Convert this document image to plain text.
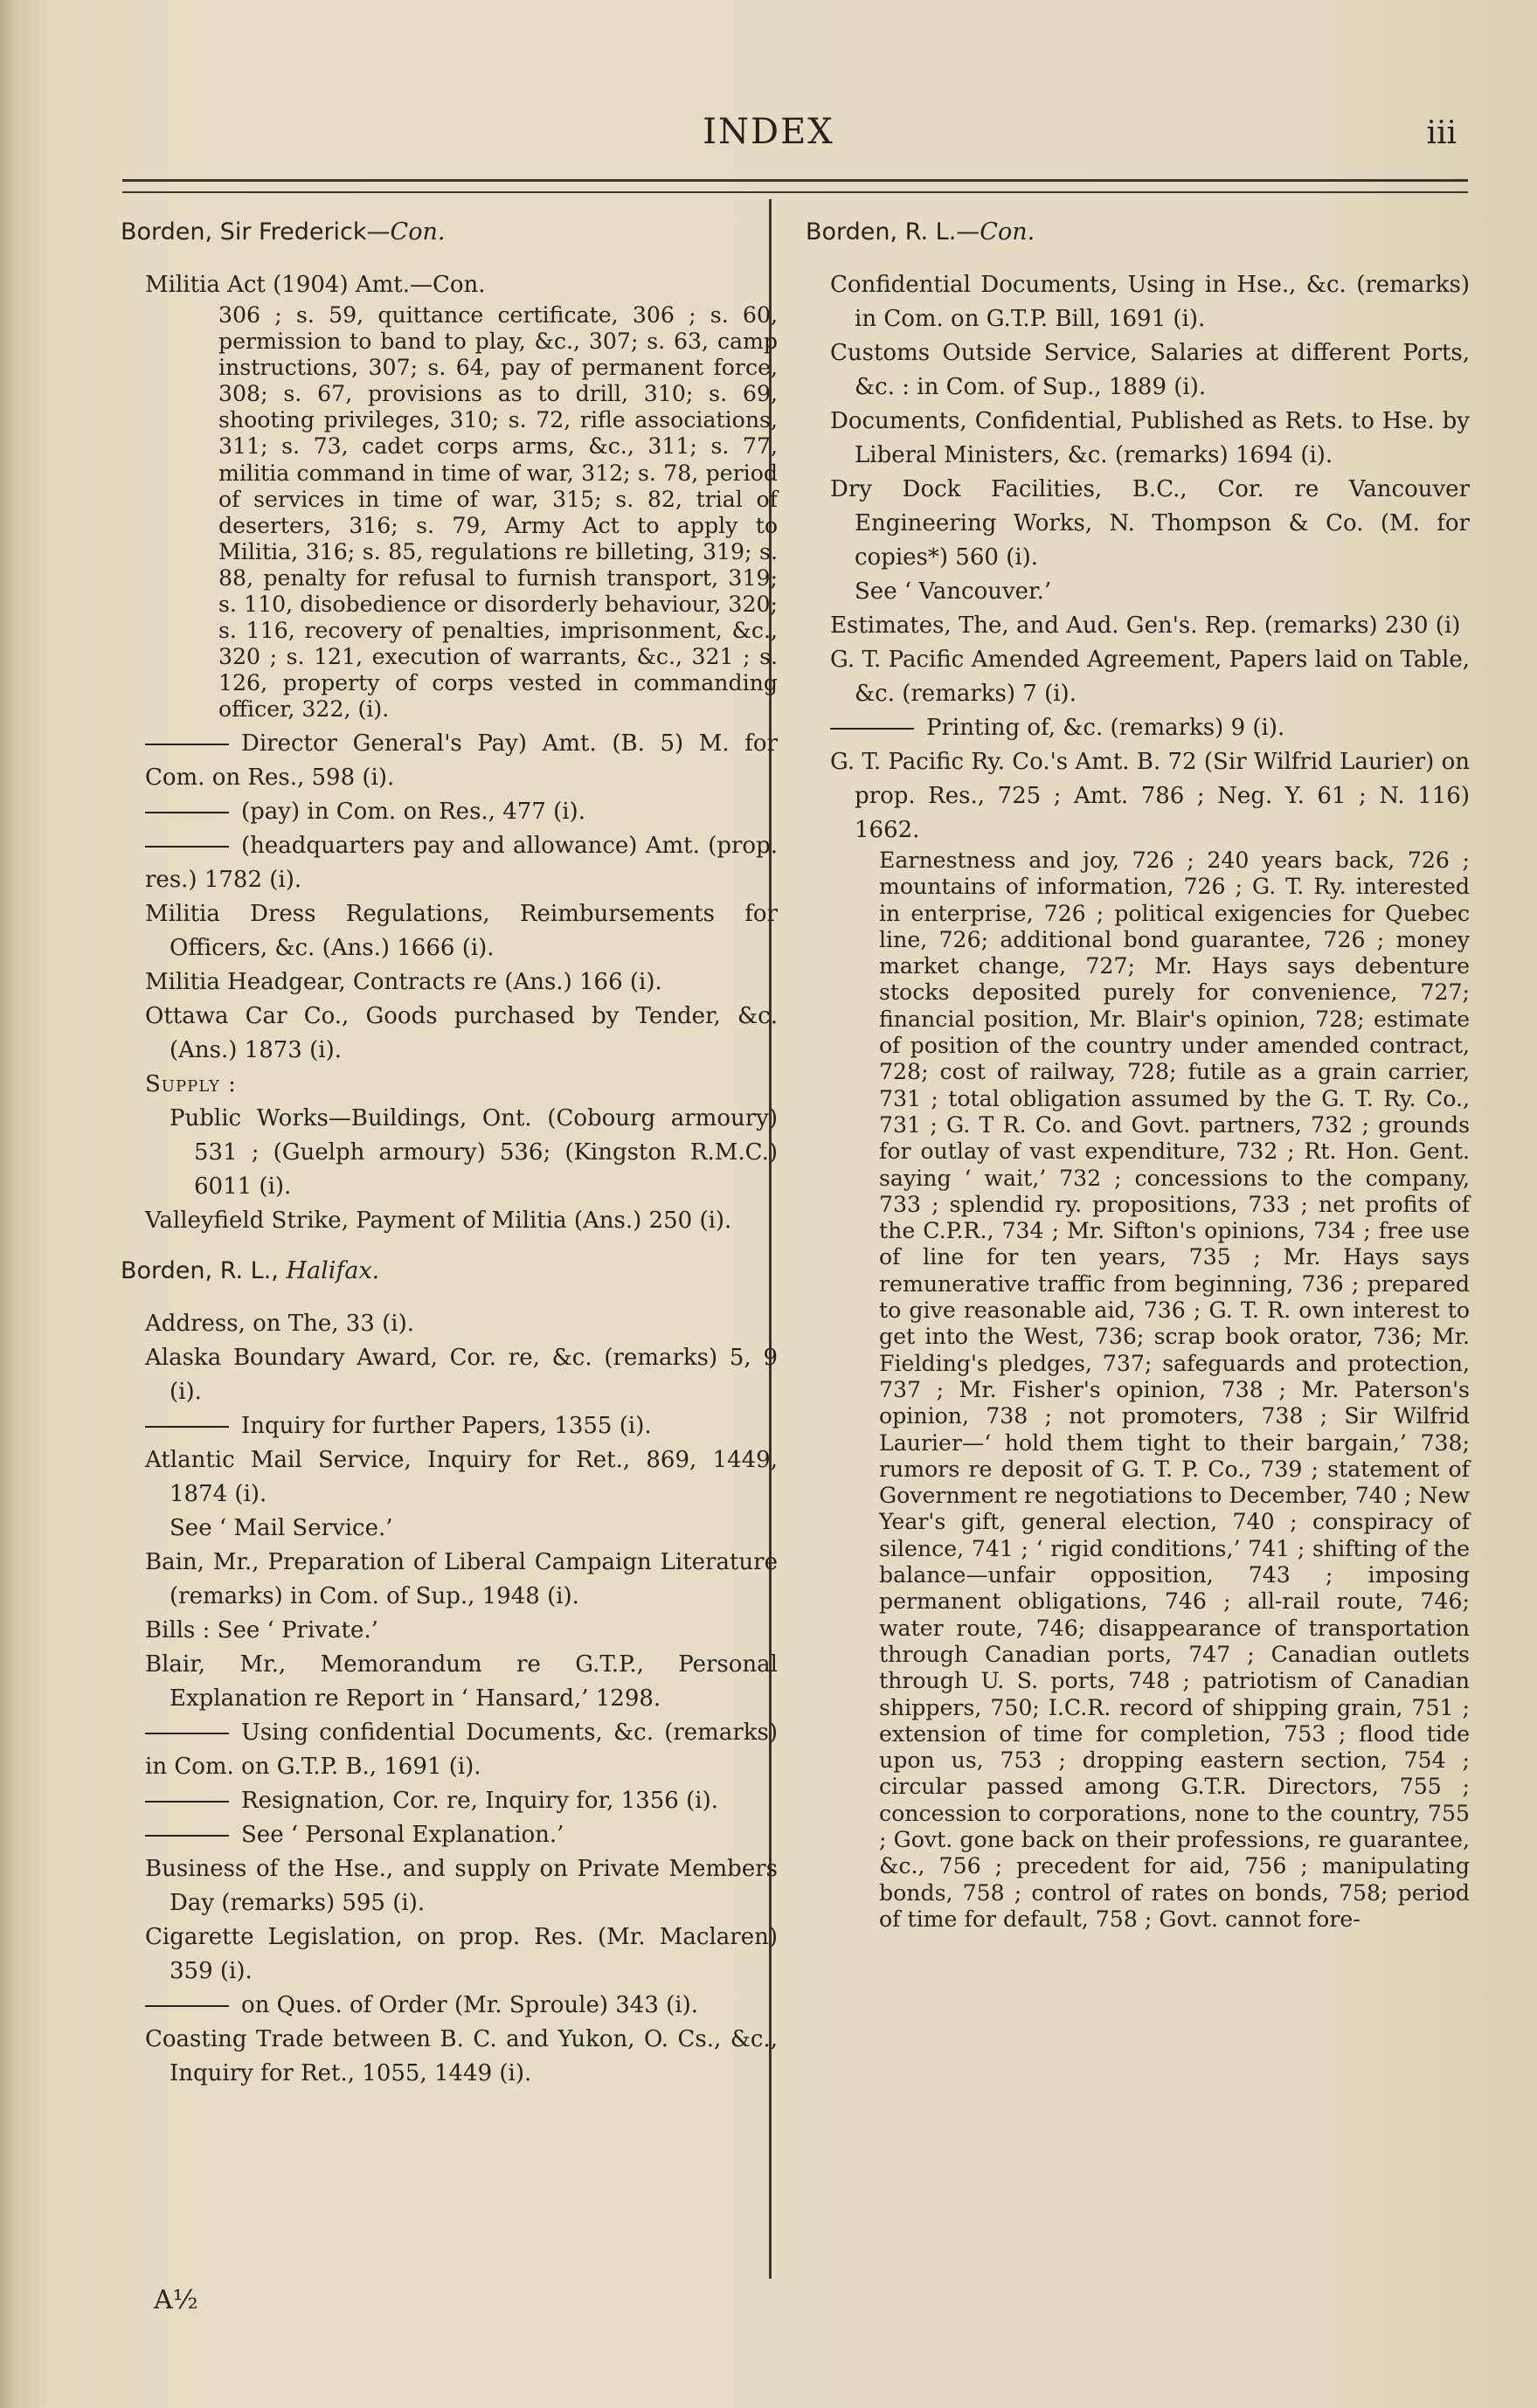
INDEX	iii
Borden, Sir Frederick—Con.

Militia Act (1904) Amt.—Con.

306 ; s. 59, quittance certificate, 306 ; s. 60, permission to band to play, &c., 307; s. 63, camp instructions, 307; s. 64, pay of permanent force, 308; s. 67, provisions as to drill, 310; s. 69, shooting privileges, 310; s. 72, rifle associations, 311; s. 73, cadet corps arms, &c., 311; s. 77, militia command in time of war, 312; s. 78, period of services in time of war, 315; s. 82, trial of deserters, 316; s. 79, Army Act to apply to Militia, 316; s. 85, regulations re billeting, 319; s. 88, penalty for refusal to furnish transport, 319; s. 110, disobedience or disorderly behaviour, 320; s. 116, recovery of penalties, imprisonment, &c., 320 ; s. 121, execution of warrants, &c., 321 ; s. 126, property of corps vested in commanding officer, 322, (i).

Director General's Pay) Amt. (B. 5) M. for Com. on Res., 598 (i).

(pay) in Com. on Res., 477 (i).

(headquarters pay and allowance) Amt. (prop. res.) 1782 (i).

Militia Dress Regulations, Reimbursements for Officers, &c. (Ans.) 1666 (i).

Militia Headgear, Contracts re (Ans.) 166 (i).

Ottawa Car Co., Goods purchased by Tender, &c. (Ans.) 1873 (i).

Supply :

Public Works—Buildings, Ont. (Cobourg armoury) 531 ; (Guelph armoury) 536; (Kingston R.M.C.) 6011 (i).

Valleyfield Strike, Payment of Militia (Ans.) 250 (i).

Borden, R. L., Halifax.

Address, on The, 33 (i).

Alaska Boundary Award, Cor. re, &c. (remarks) 5, 9 (i).

Inquiry for further Papers, 1355 (i).

Atlantic Mail Service, Inquiry for Ret., 869, 1449, 1874 (i).

See ‘ Mail Service.’

Bain, Mr., Preparation of Liberal Campaign Literature (remarks) in Com. of Sup., 1948 (i).

Bills : See ‘ Private.’

Blair, Mr., Memorandum re G.T.P., Personal Explanation re Report in ‘ Hansard,’ 1298.

Using confidential Documents, &c. (remarks) in Com. on G.T.P. B., 1691 (i).

Resignation, Cor. re, Inquiry for, 1356 (i).

See ‘ Personal Explanation.’

Business of the Hse., and supply on Private Members Day (remarks) 595 (i).

Cigarette Legislation, on prop. Res. (Mr. Maclaren) 359 (i).

on Ques. of Order (Mr. Sproule) 343 (i).

Coasting Trade between B. C. and Yukon, O. Cs., &c., Inquiry for Ret., 1055, 1449 (i).

Borden, R. L.—Con.

Confidential Documents, Using in Hse., &c. (remarks) in Com. on G.T.P. Bill, 1691 (i).

Customs Outside Service, Salaries at different Ports, &c. : in Com. of Sup., 1889 (i).

Documents, Confidential, Published as Rets. to Hse. by Liberal Ministers, &c. (remarks) 1694 (i).

Dry Dock Facilities, B.C., Cor. re Vancouver Engineering Works, N. Thompson & Co. (M. for copies*) 560 (i).

See ‘ Vancouver.’

Estimates, The, and Aud. Gen's. Rep. (remarks) 230 (i)

G. T. Pacific Amended Agreement, Papers laid on Table, &c. (remarks) 7 (i).

Printing of, &c. (remarks) 9 (i).

G. T. Pacific Ry. Co.'s Amt. B. 72 (Sir Wilfrid Laurier) on prop. Res., 725 ; Amt. 786 ; Neg. Y. 61 ; N. 116) 1662.

Earnestness and joy, 726 ; 240 years back, 726 ; mountains of information, 726 ; G. T. Ry. interested in enterprise, 726 ; political exigencies for Quebec line, 726; additional bond guarantee, 726 ; money market change, 727; Mr. Hays says debenture stocks deposited purely for convenience, 727; financial position, Mr. Blair's opinion, 728; estimate of position of the country under amended contract, 728; cost of railway, 728; futile as a grain carrier, 731 ; total obligation assumed by the G. T. Ry. Co., 731 ; G. T R. Co. and Govt. partners, 732 ; grounds for outlay of vast expenditure, 732 ; Rt. Hon. Gent. saying ‘ wait,’ 732 ; concessions to the company, 733 ; splendid ry. propositions, 733 ; net profits of the C.P.R., 734 ; Mr. Sifton's opinions, 734 ; free use of line for ten years, 735 ; Mr. Hays says remunerative traffic from beginning, 736 ; prepared to give reasonable aid, 736 ; G. T. R. own interest to get into the West, 736; scrap book orator, 736; Mr. Fielding's pledges, 737; safeguards and protection, 737 ; Mr. Fisher's opinion, 738 ; Mr. Paterson's opinion, 738 ; not promoters, 738 ; Sir Wilfrid Laurier—‘ hold them tight to their bargain,’ 738; rumors re deposit of G. T. P. Co., 739 ; statement of Government re negotiations to December, 740 ; New Year's gift, general election, 740 ; conspiracy of silence, 741 ; ‘ rigid conditions,’ 741 ; shifting of the balance—unfair opposition, 743 ; imposing permanent obligations, 746 ; all-rail route, 746; water route, 746; disappearance of transportation through Canadian ports, 747 ; Canadian outlets through U. S. ports, 748 ; patriotism of Canadian shippers, 750; I.C.R. record of shipping grain, 751 ; extension of time for completion, 753 ; flood tide upon us, 753 ; dropping eastern section, 754 ; circular passed among G.T.R. Directors, 755 ; concession to corporations, none to the country, 755 ; Govt. gone back on their professions, re guarantee, &c., 756 ; precedent for aid, 756 ; manipulating bonds, 758 ; control of rates on bonds, 758; period of time for default, 758 ; Govt. cannot fore-

A½
